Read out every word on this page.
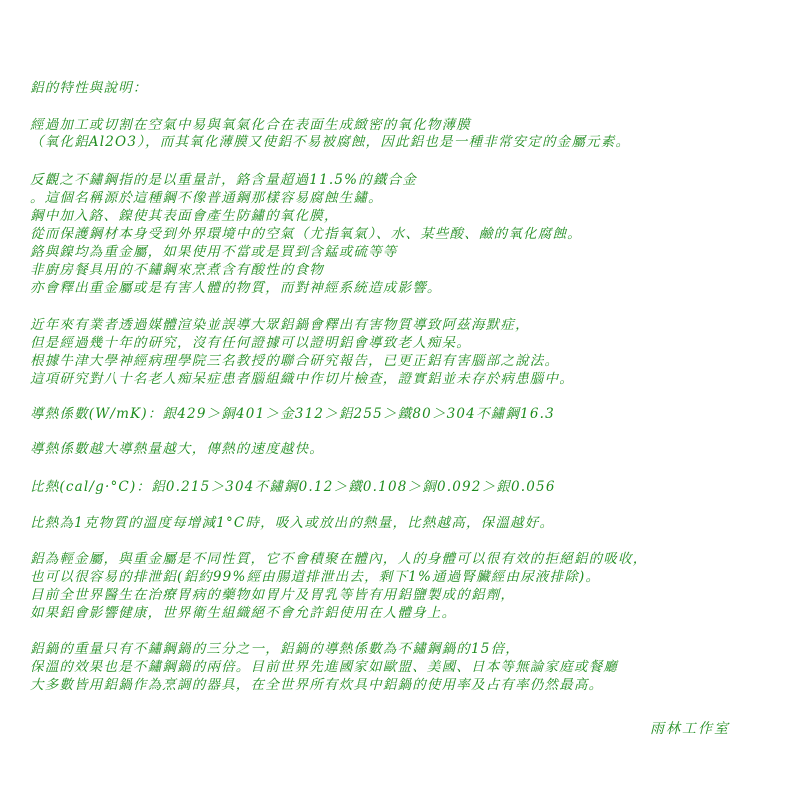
鋁的特性與說明：
經過加工或切割在空氣中易與氧氣化合在表面生成緻密的氧化物薄膜
（氧化鋁Al2O3），而其氧化薄膜又使鋁不易被腐蝕，因此鋁也是一種非常安定的金屬元素。
反觀之不鏽鋼指的是以重量計，鉻含量超過11.5%的鐵合金
。這個名稱源於這種鋼不像普通鋼那樣容易腐蝕生鏽。
鋼中加入鉻、鎳使其表面會產生防鏽的氧化膜，
從而保護鋼材本身受到外界環境中的空氣（尤指氧氣）、水、某些酸、鹼的氧化腐蝕。
鉻與鎳均為重金屬，如果使用不當或是買到含錳或硫等等
非廚房餐具用的不鏽鋼來烹煮含有酸性的食物
亦會釋出重金屬或是有害人體的物質，而對神經系統造成影響。
近年來有業者透過媒體渲染並誤導大眾鋁鍋會釋出有害物質導致阿茲海默症，
但是經過幾十年的研究，沒有任何證據可以證明鋁會導致老人痴呆。
根據牛津大學神經病理學院三名教授的聯合研究報告，已更正鋁有害腦部之說法。
這項研究對八十名老人痴呆症患者腦組織中作切片檢查，證實鋁並未存於病患腦中。
導熱係數(W/mK)：銀429＞銅401＞金312＞鋁255＞鐵80＞304不鏽鋼16.3
導熱係數越大導熱量越大，傳熱的速度越快。
比熱(cal/g·°C)：鋁0.215＞304不鏽鋼0.12＞鐵0.108＞銅0.092＞銀0.056
比熱為1克物質的溫度每增減1°C時，吸入或放出的熱量，比熱越高，保溫越好。
鋁為輕金屬，與重金屬是不同性質，它不會積聚在體內，人的身體可以很有效的拒絕鋁的吸收，
也可以很容易的排泄鋁(鋁約99%經由腸道排泄出去，剩下1%通過腎臟經由尿液排除)。
目前全世界醫生在治療胃病的藥物如胃片及胃乳等皆有用鋁鹽製成的鋁劑，
如果鋁會影響健康，世界衛生組織絕不會允許鋁使用在人體身上。
鋁鍋的重量只有不鏽鋼鍋的三分之一，鋁鍋的導熱係數為不鏽鋼鍋的15倍，
保溫的效果也是不鏽鋼鍋的兩倍。目前世界先進國家如歐盟、美國、日本等無論家庭或餐廳
大多數皆用鋁鍋作為烹調的器具，在全世界所有炊具中鋁鍋的使用率及占有率仍然最高。
雨林工作室
